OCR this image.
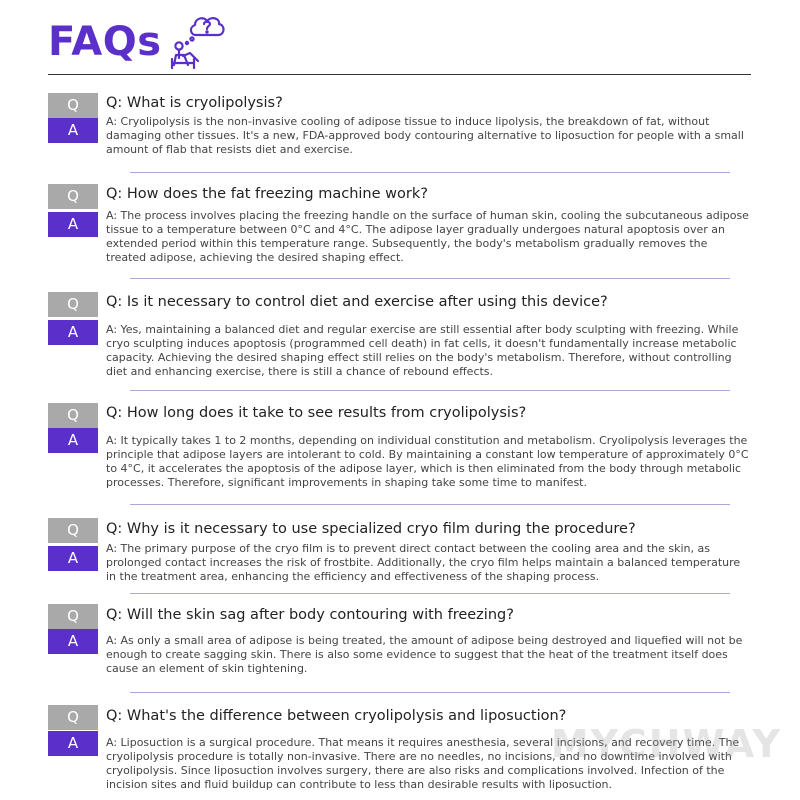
FAQs
Q
A
Q: What is cryolipolysis?
A: Cryolipolysis is the non-invasive cooling of adipose tissue to induce lipolysis, the breakdown of fat, without damaging other tissues. It's a new, FDA-approved body contouring alternative to liposuction for people with a small amount of flab that resists diet and exercise.
Q
A
Q: How does the fat freezing machine work?
A: The process involves placing the freezing handle on the surface of human skin, cooling the subcutaneous adipose tissue to a temperature between 0°C and 4°C. The adipose layer gradually undergoes natural apoptosis over an extended period within this temperature range. Subsequently, the body's metabolism gradually removes the treated adipose, achieving the desired shaping effect.
Q
A
Q: Is it necessary to control diet and exercise after using this device?
A: Yes, maintaining a balanced diet and regular exercise are still essential after body sculpting with freezing. While cryo sculpting induces apoptosis (programmed cell death) in fat cells, it doesn't fundamentally increase metabolic capacity. Achieving the desired shaping effect still relies on the body's metabolism. Therefore, without controlling diet and enhancing exercise, there is still a chance of rebound effects.
Q
A
Q: How long does it take to see results from cryolipolysis?
A: It typically takes 1 to 2 months, depending on individual constitution and metabolism. Cryolipolysis leverages the principle that adipose layers are intolerant to cold. By maintaining a constant low temperature of approximately 0°C to 4°C, it accelerates the apoptosis of the adipose layer, which is then eliminated from the body through metabolic processes. Therefore, significant improvements in shaping take some time to manifest.
Q
A
Q: Why is it necessary to use specialized cryo film during the procedure?
A: The primary purpose of the cryo film is to prevent direct contact between the cooling area and the skin, as prolonged contact increases the risk of frostbite. Additionally, the cryo film helps maintain a balanced temperature in the treatment area, enhancing the efficiency and effectiveness of the shaping process.
Q
A
Q: Will the skin sag after body contouring with freezing?
A: As only a small area of adipose is being treated, the amount of adipose being destroyed and liquefied will not be enough to create sagging skin. There is also some evidence to suggest that the heat of the treatment itself does cause an element of skin tightening.
Q
A
Q: What's the difference between cryolipolysis and liposuction?
A: Liposuction is a surgical procedure. That means it requires anesthesia, several incisions, and recovery time. The cryolipolysis procedure is totally non-invasive. There are no needles, no incisions, and no downtime involved with cryolipolysis. Since liposuction involves surgery, there are also risks and complications involved. Infection of the incision sites and fluid buildup can contribute to less than desirable results with liposuction.
MYCHWAY
